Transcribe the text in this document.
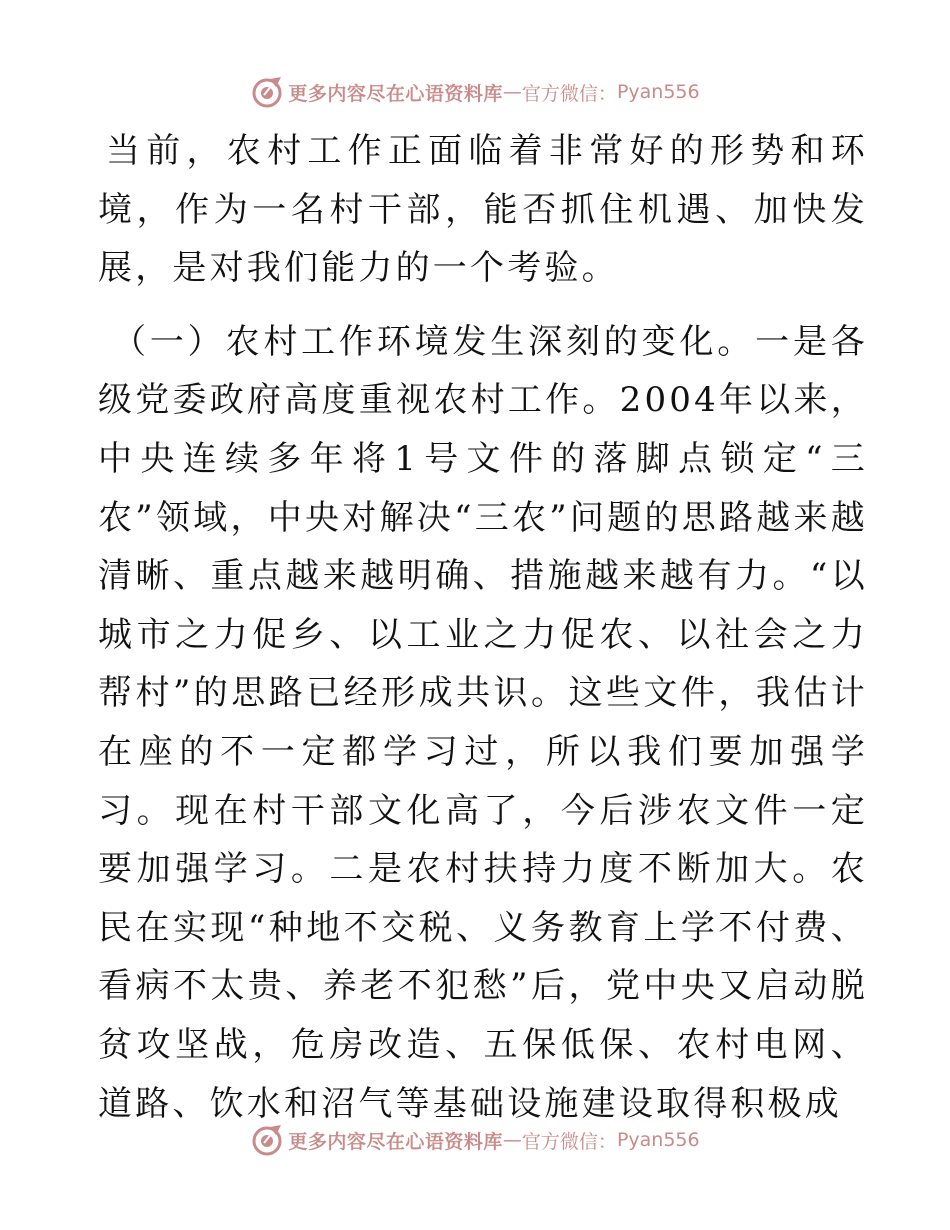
更多内容尽在心语资料库 — 官方微信： Pyan556

当前，农村工作正面临着非常好的形势和环境，作为一名村干部，能否抓住机遇、加快发展，是对我们能力的一个考验。

（一）农村工作环境发生深刻的变化。一是各级党委政府高度重视农村工作。2004年以来，中央连续多年将1号文件的落脚点锁定“三农”领域，中央对解决“三农”问题的思路越来越清晰、重点越来越明确、措施越来越有力。“以城市之力促乡、以工业之力促农、以社会之力帮村”的思路已经形成共识。这些文件，我估计在座的不一定都学习过，所以我们要加强学习。现在村干部文化高了，今后涉农文件一定要加强学习。二是农村扶持力度不断加大。农民在实现“种地不交税、义务教育上学不付费、看病不太贵、养老不犯愁”后，党中央又启动脱贫攻坚战，危房改造、五保低保、农村电网、道路、饮水和沼气等基础设施建设取得积极成

更多内容尽在心语资料库 — 官方微信： Pyan556
